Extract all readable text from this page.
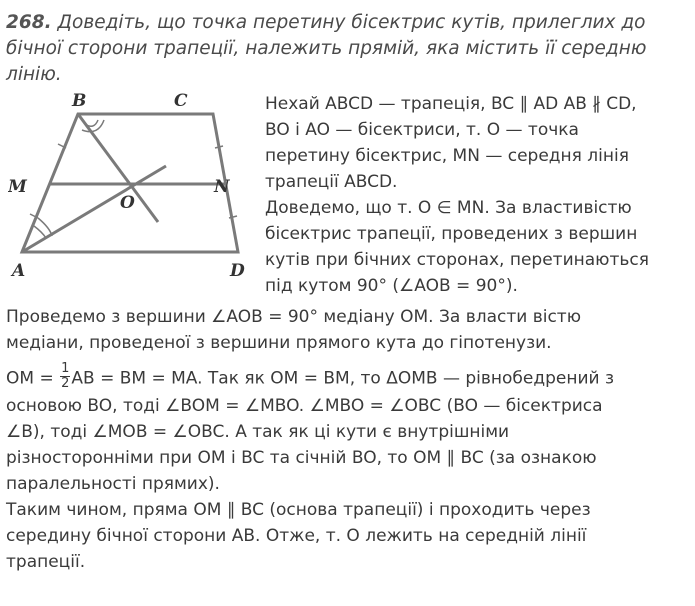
268. Доведіть, що точка перетину бісектрис кутів, прилеглих до бічної сторони трапеції, належить прямій, яка містить її середню лінію.
B	C
M	N
O
A	D

Нехай ABCD — трапеція, BC ∥ AD AB ∦ CD,

BO і AO — бісектриси, т. O — точка

перетину бісектрис, MN — середня лінія

трапеції ABCD.

Доведемо, що т. O ∈ MN. За властивістю

бісектрис трапеції, проведених з вершин

кутів при бічних сторонах, перетинаються

під кутом 90° (∠AOB = 90°).

Проведемо з вершини ∠AOB = 90° медіану OM. За власти вістю

медіани, проведеної з вершини прямого кута до гіпотенузи.

OM = $\frac{1}{2}$ AB = BM = MA. Так як OM = BM, то ΔOMB — рівнобедрений з

основою BO, тоді ∠BOM = ∠MBO. ∠MBO = ∠OBC (BO — бісектриса

∠B), тоді ∠MOB = ∠OBC. А так як ці кути є внутрішніми

різносторонніми при OM і BC та січній BO, то OM ∥ BC (за ознакою

паралельності прямих).

Таким чином, пряма OM ∥ BC (основа трапеції) і проходить через

середину бічної сторони AB. Отже, т. O лежить на середній лінії

трапеції.
